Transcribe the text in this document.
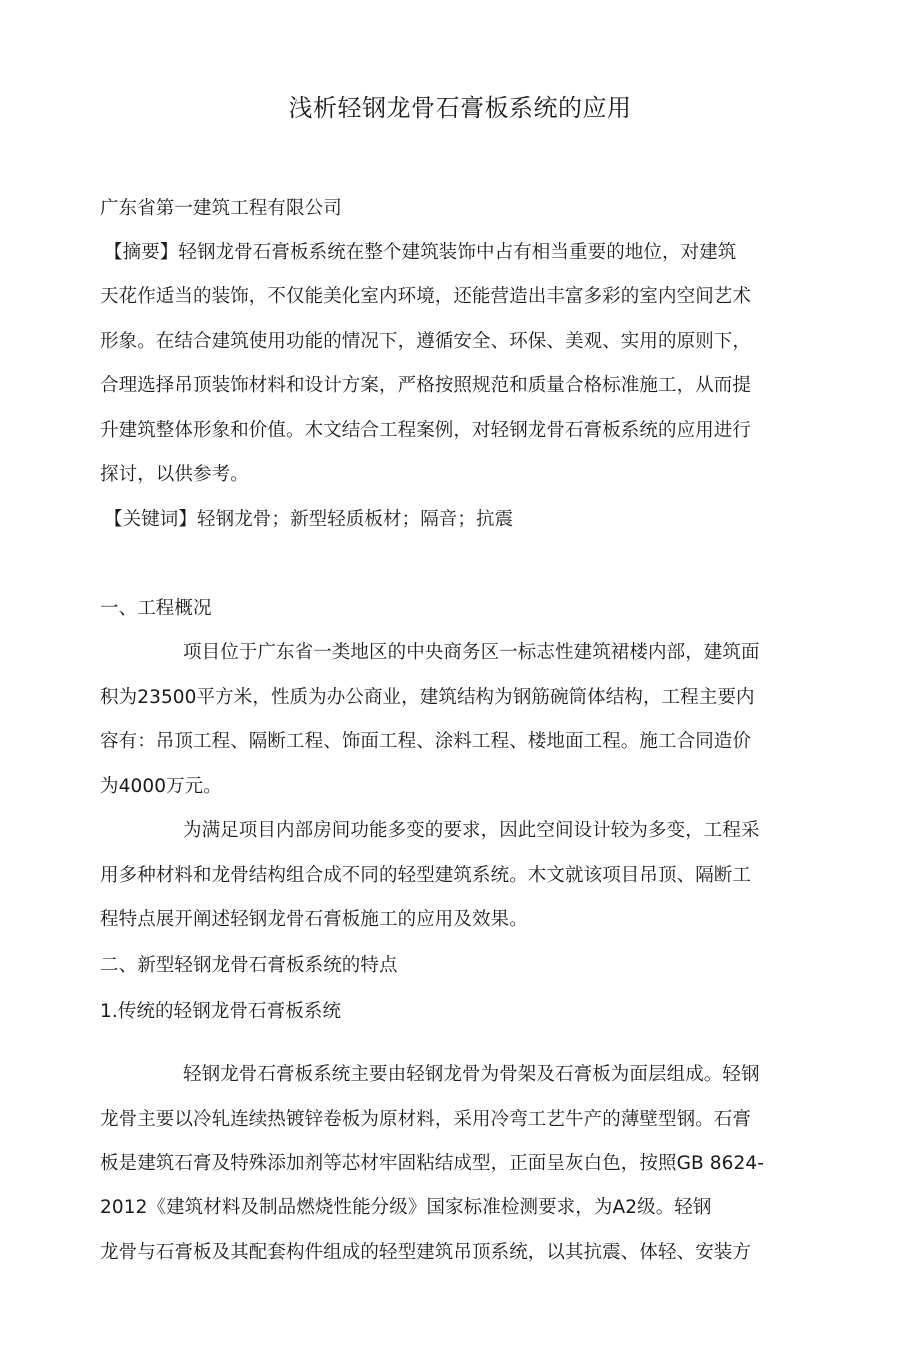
浅析轻钢龙骨石膏板系统的应用
广东省第一建筑工程有限公司
【摘要】轻钢龙骨石膏板系统在整个建筑装饰中占有相当重要的地位，对建筑
天花作适当的装饰，不仅能美化室内环境，还能营造出丰富多彩的室内空间艺术
形象。在结合建筑使用功能的情况下，遵循安全、环保、美观、实用的原则下，
合理选择吊顶装饰材料和设计方案，严格按照规范和质量合格标准施工，从而提
升建筑整体形象和价值。木文结合工程案例，对轻钢龙骨石膏板系统的应用进行
探讨，以供参考。
【关键词】轻钢龙骨；新型轻质板材；隔音；抗震
一、工程概况
项目位于广东省一类地区的中央商务区一标志性建筑裙楼内部，建筑面
积为23500平方米，性质为办公商业，建筑结构为钢筋碗筒体结构，工程主要内
容有：吊顶工程、隔断工程、饰面工程、涂料工程、楼地面工程。施工合同造价
为4000万元。
为满足项目内部房间功能多变的要求，因此空间设计较为多变，工程采
用多种材料和龙骨结构组合成不同的轻型建筑系统。木文就该项目吊顶、隔断工
程特点展开阐述轻钢龙骨石膏板施工的应用及效果。
二、新型轻钢龙骨石膏板系统的特点
1.传统的轻钢龙骨石膏板系统
轻钢龙骨石膏板系统主要由轻钢龙骨为骨架及石膏板为面层组成。轻钢
龙骨主要以冷轧连续热镀锌卷板为原材料，采用冷弯工艺牛产的薄壁型钢。石膏
板是建筑石膏及特殊添加剂等芯材牢固粘结成型，正面呈灰白色，按照GB 8624-
2012《建筑材料及制品燃烧性能分级》国家标准检测要求，为A2级。轻钢
龙骨与石膏板及其配套构件组成的轻型建筑吊顶系统，以其抗震、体轻、安装方
